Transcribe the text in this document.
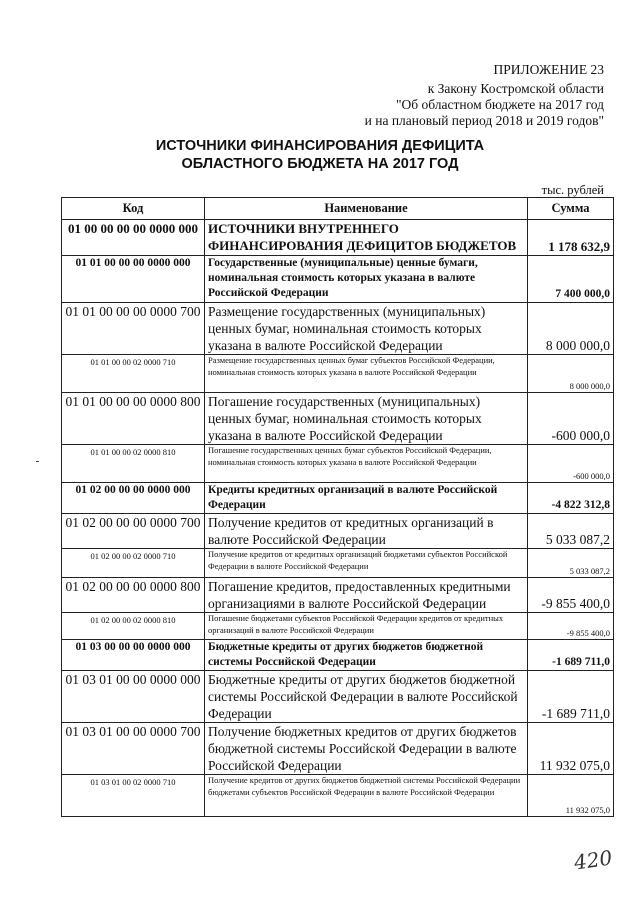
ПРИЛОЖЕНИЕ 23
к Закону Костромской области
"Об областном бюджете на 2017 год
и на плановый период 2018 и 2019 годов"
ИСТОЧНИКИ ФИНАНСИРОВАНИЯ ДЕФИЦИТА
ОБЛАСТНОГО БЮДЖЕТА НА 2017 ГОД
тыс. рублей
Код	Наименование	Сумма
01 00 00 00 00 0000 000	ИСТОЧНИКИ ВНУТРЕННЕГО ФИНАНСИРОВАНИЯ ДЕФИЦИТОВ БЮДЖЕТОВ	1 178 632,9
01 01 00 00 00 0000 000	Государственные (муниципальные) ценные бумаги, номинальная стоимость которых указана в валюте Российской Федерации	7 400 000,0
01 01 00 00 00 0000 700	Размещение государственных (муниципальных) ценных бумаг, номинальная стоимость которых указана в валюте Российской Федерации	8 000 000,0
01 01 00 00 02 0000 710	Размещение государственных ценных бумаг субъектов Российской Федерации, номинальная стоимость которых указана в валюте Российской Федерации	8 000 000,0
01 01 00 00 00 0000 800	Погашение государственных (муниципальных) ценных бумаг, номинальная стоимость которых указана в валюте Российской Федерации	-600 000,0
01 01 00 00 02 0000 810	Погашение государственных ценных бумаг субъектов Российской Федерации, номинальная стоимость которых указана в валюте Российской Федерации	-600 000,0
01 02 00 00 00 0000 000	Кредиты кредитных организаций в валюте Российской Федерации	-4 822 312,8
01 02 00 00 00 0000 700	Получение кредитов от кредитных организаций в валюте Российской Федерации	5 033 087,2
01 02 00 00 02 0000 710	Получение кредитов от кредитных организаций бюджетами субъектов Российской Федерации в валюте Российской Федерации	5 033 087,2
01 02 00 00 00 0000 800	Погашение кредитов, предоставленных кредитными организациями в валюте Российской Федерации	-9 855 400,0
01 02 00 00 02 0000 810	Погашение бюджетами субъектов Российской Федерации кредитов от кредитных организаций в валюте Российской Федерации	-9 855 400,0
01 03 00 00 00 0000 000	Бюджетные кредиты от других бюджетов бюджетной системы Российской Федерации	-1 689 711,0
01 03 01 00 00 0000 000	Бюджетные кредиты от других бюджетов бюджетной системы Российской Федерации в валюте Российской Федерации	-1 689 711,0
01 03 01 00 00 0000 700	Получение бюджетных кредитов от других бюджетов бюджетной системы Российской Федерации в валюте Российской Федерации	11 932 075,0
01 03 01 00 02 0000 710	Получение кредитов от других бюджетов бюджетной системы Российской Федерации бюджетами субъектов Российской Федерации в валюте Российской Федерации	11 932 075,0
420
